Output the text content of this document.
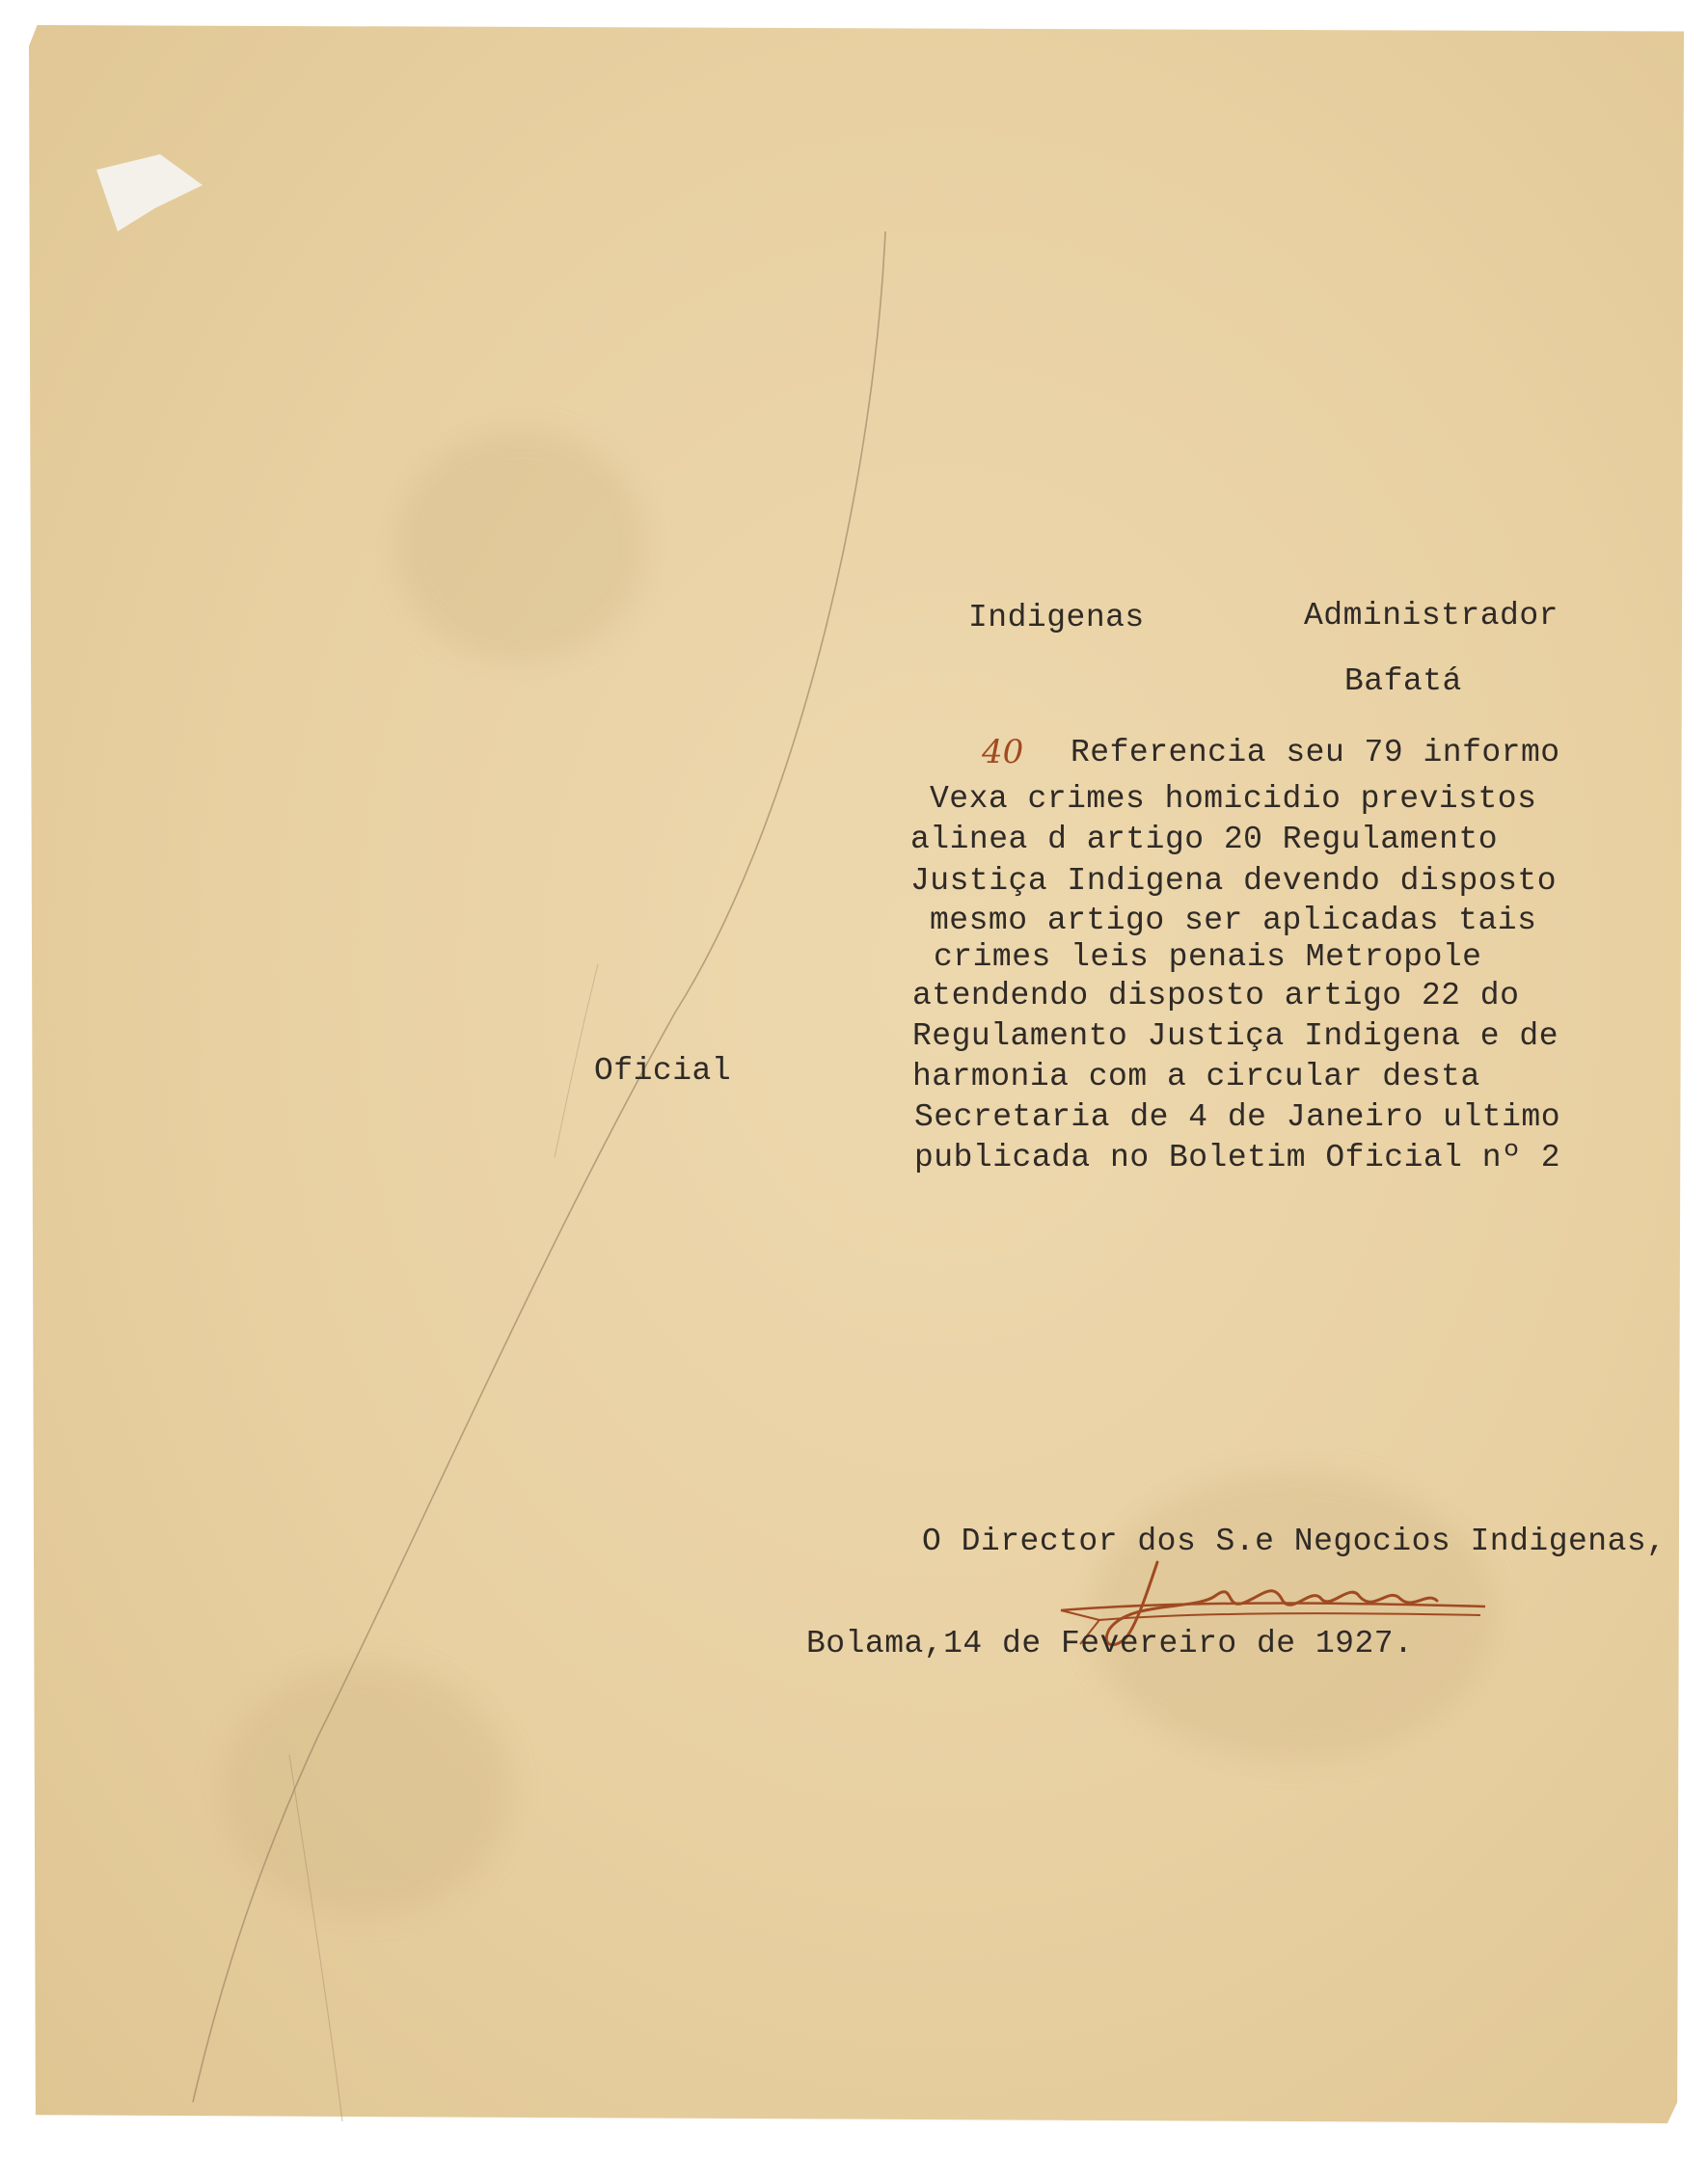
Indigenas	Administrador
Bafatá
40 Referencia seu 79 informo
Vexa crimes homicidio previstos
alinea d artigo 20 Regulamento
Justiça Indigena devendo disposto
mesmo artigo ser aplicadas tais
crimes leis penais Metropole
atendendo disposto artigo 22 do
Regulamento Justiça Indigena e de
harmonia com a circular desta
Secretaria de 4 de Janeiro ultimo
publicada no Boletim Oficial nº 2
Oficial
O Director dos S.e Negocios Indigenas,
Bolama,14 de Fevereiro de 1927.
